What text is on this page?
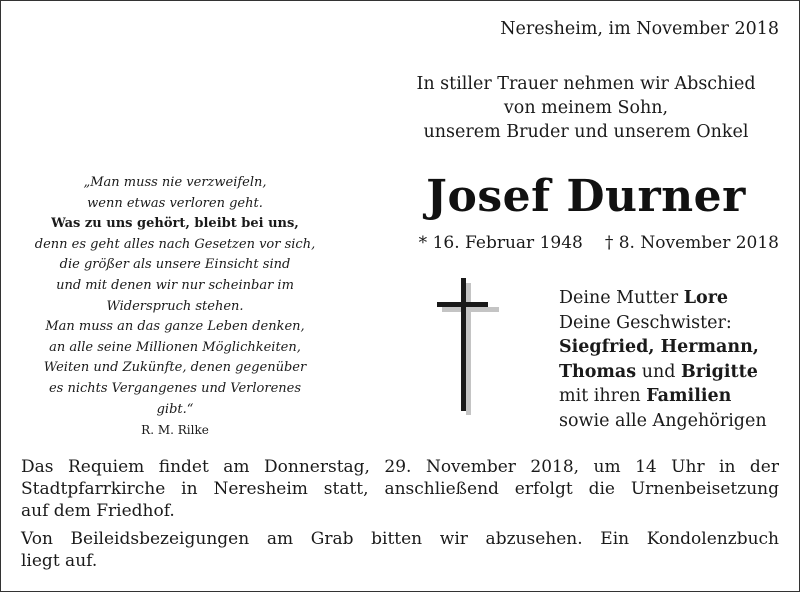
Neresheim, im November 2018
In stiller Trauer nehmen wir Abschied
von meinem Sohn,
unserem Bruder und unserem Onkel
Josef Durner
* 16. Februar 1948 † 8. November 2018
„Man muss nie verzweifeln,
wenn etwas verloren geht.
Was zu uns gehört, bleibt bei uns,
denn es geht alles nach Gesetzen vor sich,
die größer als unsere Einsicht sind
und mit denen wir nur scheinbar im
Widerspruch stehen.
Man muss an das ganze Leben denken,
an alle seine Millionen Möglichkeiten,
Weiten und Zukünfte, denen gegenüber
es nichts Vergangenes und Verlorenes
gibt.“
R. M. Rilke
Deine Mutter Lore
Deine Geschwister:
Siegfried, Hermann,
Thomas und Brigitte
mit ihren Familien
sowie alle Angehörigen
Das Requiem findet am Donnerstag, 29. November 2018, um 14 Uhr in der
Stadtpfarrkirche in Neresheim statt, anschließend erfolgt die Urnenbeisetzung
auf dem Friedhof.
Von Beileidsbezeigungen am Grab bitten wir abzusehen. Ein Kondolenzbuch
liegt auf.
